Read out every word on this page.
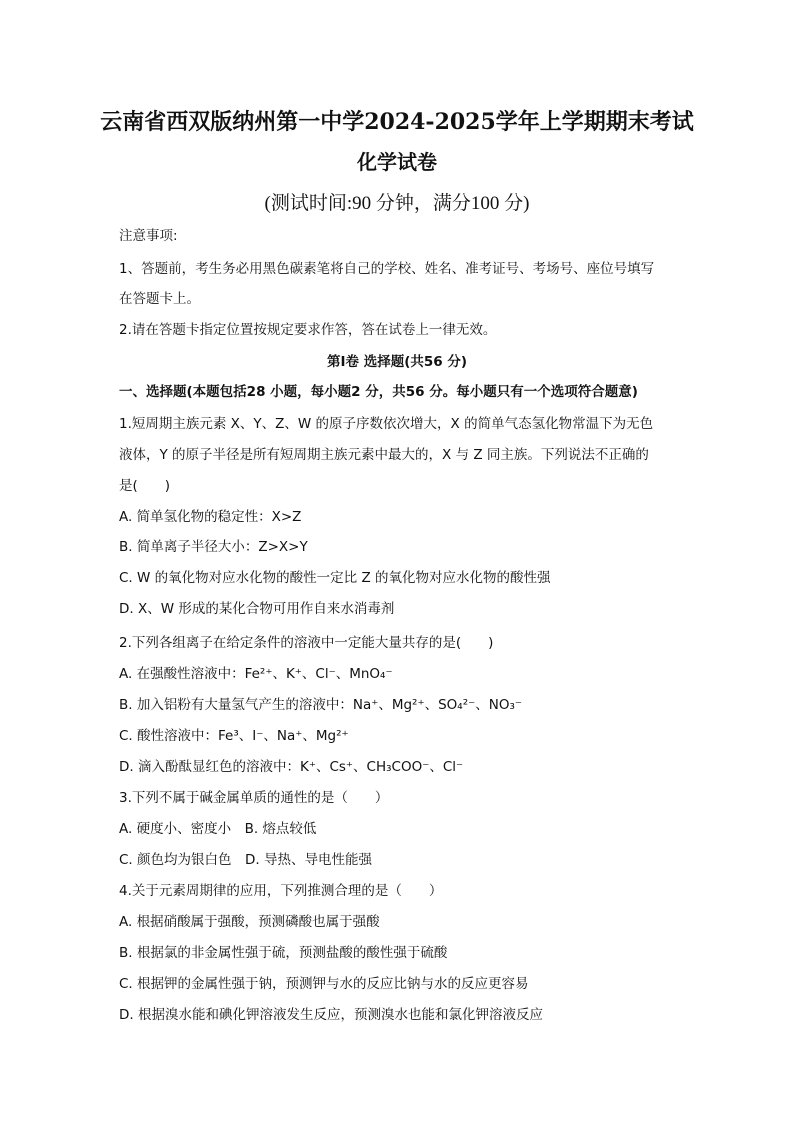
云南省西双版纳州第一中学2024-2025学年上学期期末考试
化学试卷
(测试时间:90 分钟，满分100 分)
注意事项:
1、答题前，考生务必用黑色碳素笔将自己的学校、姓名、准考证号、考场号、座位号填写
在答题卡上。
2.请在答题卡指定位置按规定要求作答，答在试卷上一律无效。
第Ⅰ卷 选择题(共56 分)
一、选择题(本题包括28 小题，每小题2 分，共56 分。每小题只有一个选项符合题意)
1.短周期主族元素 X、Y、Z、W 的原子序数依次增大，X 的简单气态氢化物常温下为无色
液体，Y 的原子半径是所有短周期主族元素中最大的，X 与 Z 同主族。下列说法不正确的
是(　　)
A. 简单氢化物的稳定性：X>Z
B. 简单离子半径大小：Z>X>Y
C. W 的氧化物对应水化物的酸性一定比 Z 的氧化物对应水化物的酸性强
D. X、W 形成的某化合物可用作自来水消毒剂
2.下列各组离子在给定条件的溶液中一定能大量共存的是(　　)
A. 在强酸性溶液中：Fe²⁺、K⁺、Cl⁻、MnO₄⁻
B. 加入铝粉有大量氢气产生的溶液中：Na⁺、Mg²⁺、SO₄²⁻、NO₃⁻
C. 酸性溶液中：Fe³、I⁻、Na⁺、Mg²⁺
D. 滴入酚酞显红色的溶液中：K⁺、Cs⁺、CH₃COO⁻、Cl⁻
3.下列不属于碱金属单质的通性的是（　　）
A. 硬度小、密度小　B. 熔点较低
C. 颜色均为银白色　D. 导热、导电性能强
4.关于元素周期律的应用，下列推测合理的是（　　）
A. 根据硝酸属于强酸，预测磷酸也属于强酸
B. 根据氯的非金属性强于硫，预测盐酸的酸性强于硫酸
C. 根据钾的金属性强于钠，预测钾与水的反应比钠与水的反应更容易
D. 根据溴水能和碘化钾溶液发生反应，预测溴水也能和氯化钾溶液反应
